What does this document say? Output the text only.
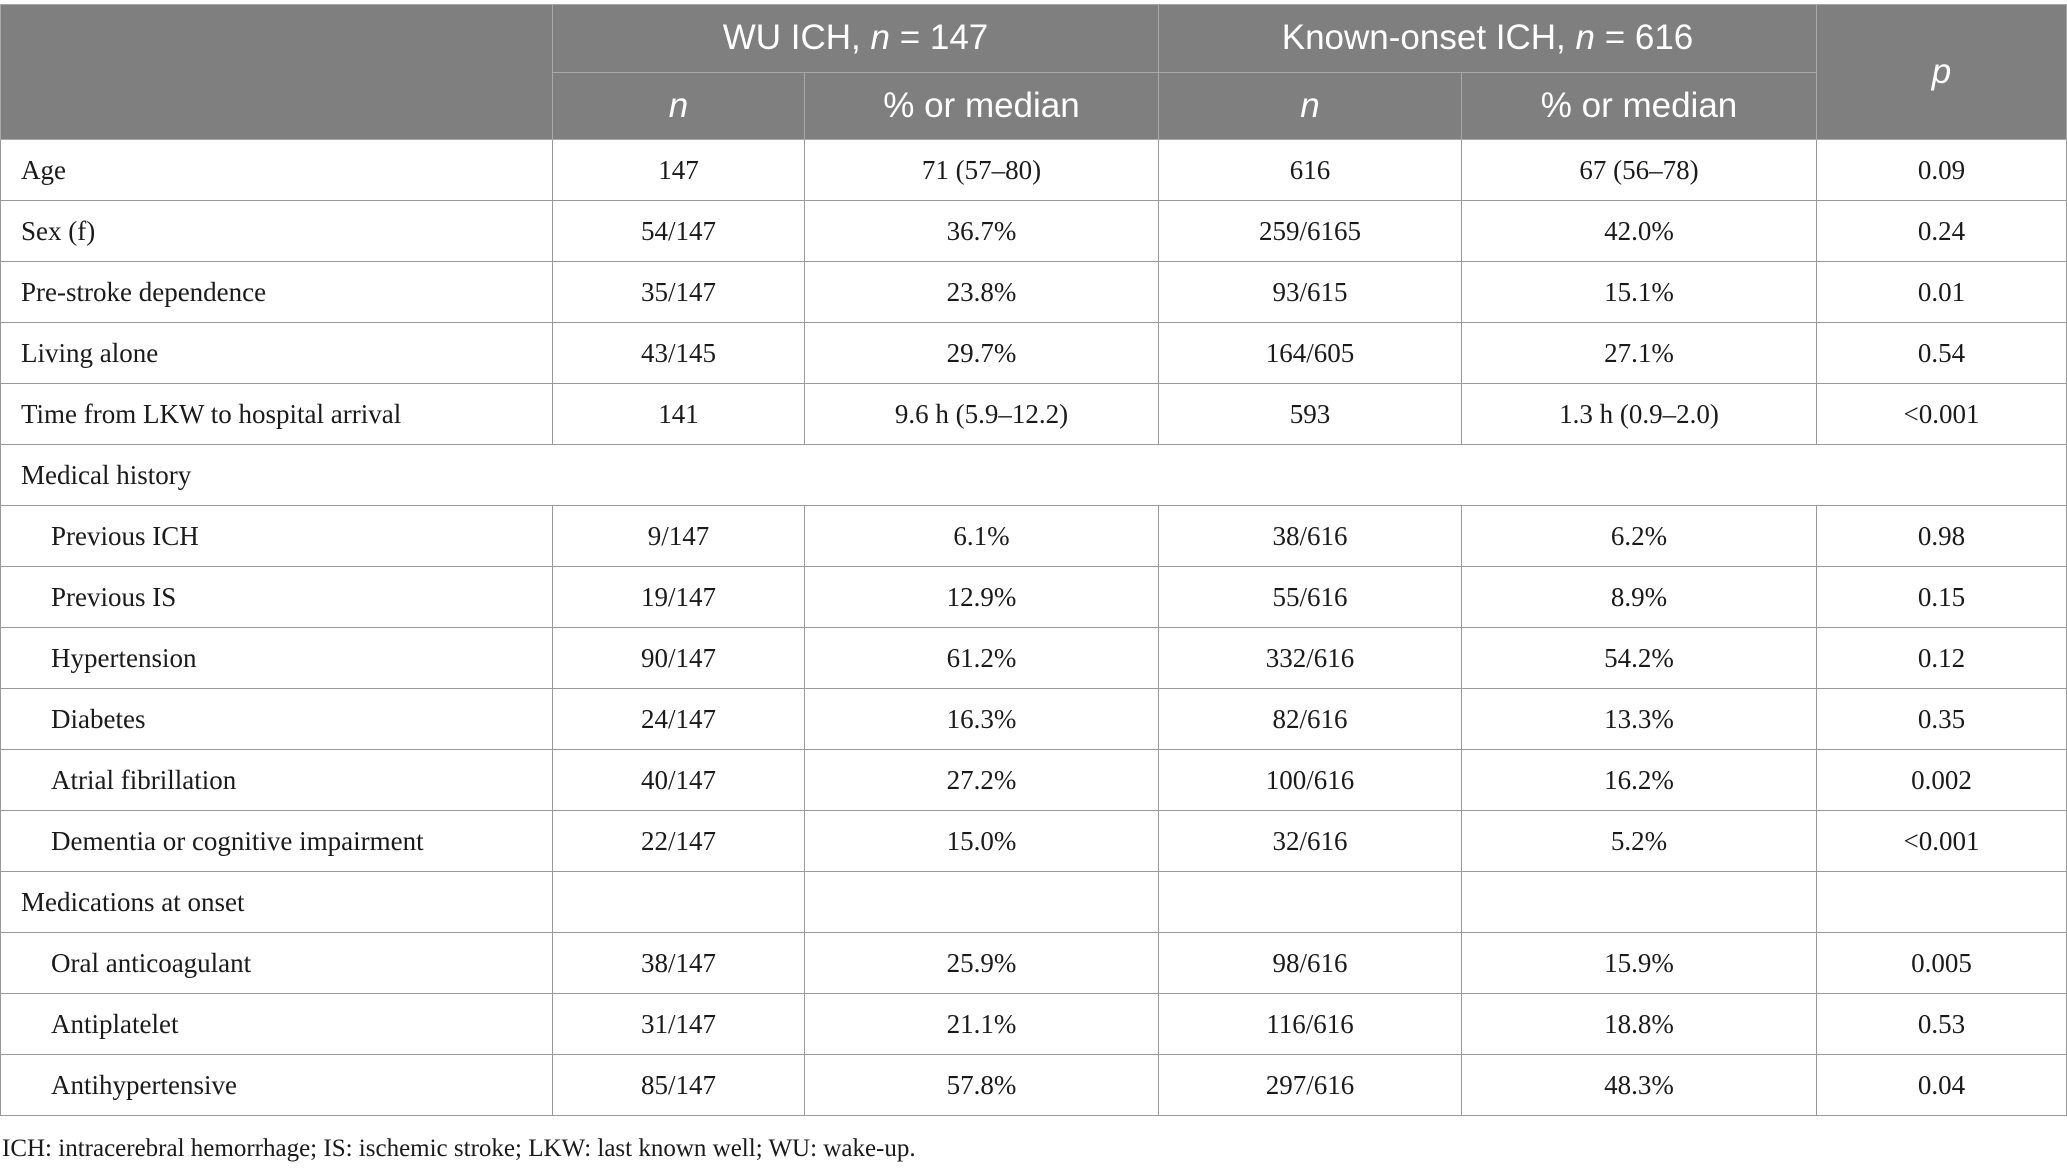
	WU ICH, n = 147		Known-onset ICH, n = 616		p
	n	% or median	n	% or median	
Age	147	71 (57–80)	616	67 (56–78)	0.09
Sex (f)	54/147	36.7%	259/6165	42.0%	0.24
Pre-stroke dependence	35/147	23.8%	93/615	15.1%	0.01
Living alone	43/145	29.7%	164/605	27.1%	0.54
Time from LKW to hospital arrival	141	9.6 h (5.9–12.2)	593	1.3 h (0.9–2.0)	<0.001
Medical history					
Previous ICH	9/147	6.1%	38/616	6.2%	0.98
Previous IS	19/147	12.9%	55/616	8.9%	0.15
Hypertension	90/147	61.2%	332/616	54.2%	0.12
Diabetes	24/147	16.3%	82/616	13.3%	0.35
Atrial fibrillation	40/147	27.2%	100/616	16.2%	0.002
Dementia or cognitive impairment	22/147	15.0%	32/616	5.2%	<0.001
Medications at onset					
Oral anticoagulant	38/147	25.9%	98/616	15.9%	0.005
Antiplatelet	31/147	21.1%	116/616	18.8%	0.53
Antihypertensive	85/147	57.8%	297/616	48.3%	0.04
ICH: intracerebral hemorrhage; IS: ischemic stroke; LKW: last known well; WU: wake-up.
